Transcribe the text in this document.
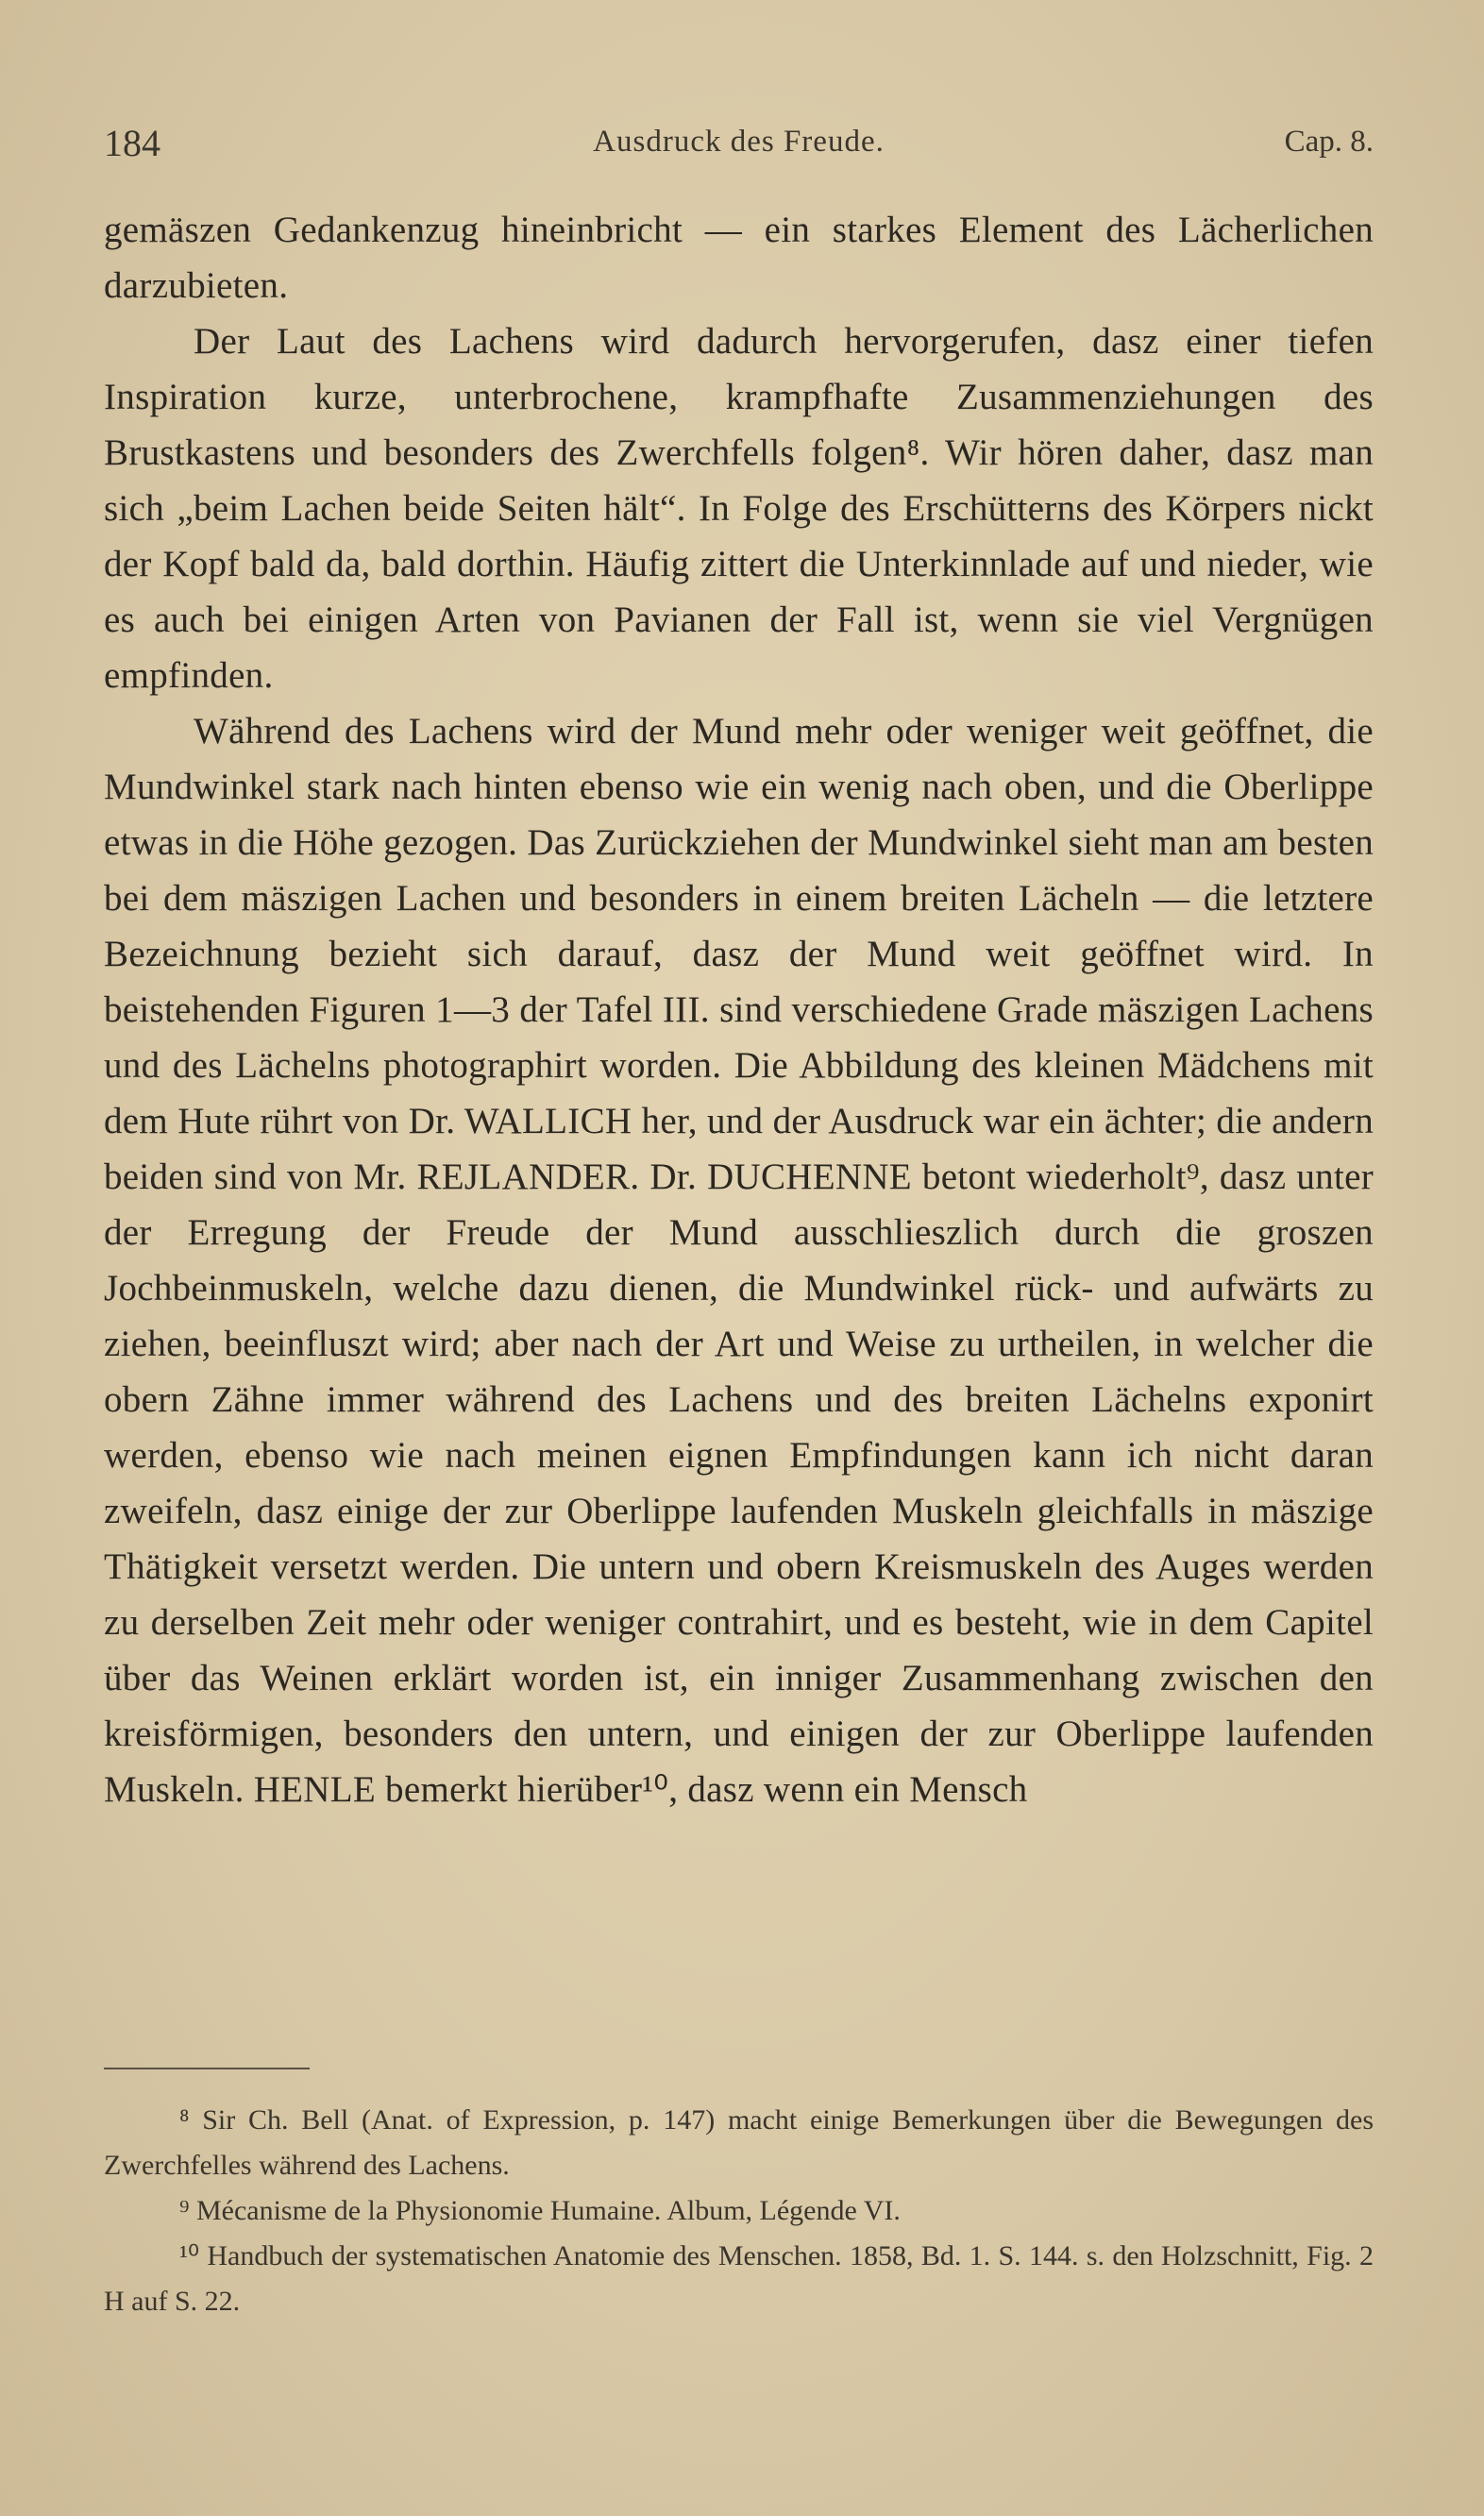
184	Ausdruck des Freude.	Cap. 8.

gemäszen Gedankenzug hineinbricht — ein starkes Element des Lächerlichen darzubieten.

Der Laut des Lachens wird dadurch hervorgerufen, dasz einer tiefen Inspiration kurze, unterbrochene, krampfhafte Zusammenziehungen des Brustkastens und besonders des Zwerchfells folgen⁸. Wir hören daher, dasz man sich „beim Lachen beide Seiten hält“. In Folge des Erschütterns des Körpers nickt der Kopf bald da, bald dorthin. Häufig zittert die Unterkinnlade auf und nieder, wie es auch bei einigen Arten von Pavianen der Fall ist, wenn sie viel Vergnügen empfinden.

Während des Lachens wird der Mund mehr oder weniger weit geöffnet, die Mundwinkel stark nach hinten ebenso wie ein wenig nach oben, und die Oberlippe etwas in die Höhe gezogen. Das Zurückziehen der Mundwinkel sieht man am besten bei dem mäszigen Lachen und besonders in einem breiten Lächeln — die letztere Bezeichnung bezieht sich darauf, dasz der Mund weit geöffnet wird. In beistehenden Figuren 1—3 der Tafel III. sind verschiedene Grade mäszigen Lachens und des Lächelns photographirt worden. Die Abbildung des kleinen Mädchens mit dem Hute rührt von Dr. WALLICH her, und der Ausdruck war ein ächter; die andern beiden sind von Mr. REJLANDER. Dr. DUCHENNE betont wiederholt⁹, dasz unter der Erregung der Freude der Mund ausschlieszlich durch die groszen Jochbeinmuskeln, welche dazu dienen, die Mundwinkel rück- und aufwärts zu ziehen, beeinfluszt wird; aber nach der Art und Weise zu urtheilen, in welcher die obern Zähne immer während des Lachens und des breiten Lächelns exponirt werden, ebenso wie nach meinen eignen Empfindungen kann ich nicht daran zweifeln, dasz einige der zur Oberlippe laufenden Muskeln gleichfalls in mäszige Thätigkeit versetzt werden. Die untern und obern Kreismuskeln des Auges werden zu derselben Zeit mehr oder weniger contrahirt, und es besteht, wie in dem Capitel über das Weinen erklärt worden ist, ein inniger Zusammenhang zwischen den kreisförmigen, besonders den untern, und einigen der zur Oberlippe laufenden Muskeln. HENLE bemerkt hierüber¹⁰, dasz wenn ein Mensch

⁸ Sir Ch. Bell (Anat. of Expression, p. 147) macht einige Bemerkungen über die Bewegungen des Zwerchfelles während des Lachens.

⁹ Mécanisme de la Physionomie Humaine. Album, Légende VI.

¹⁰ Handbuch der systematischen Anatomie des Menschen. 1858, Bd. 1. S. 144. s. den Holzschnitt, Fig. 2 H auf S. 22.
